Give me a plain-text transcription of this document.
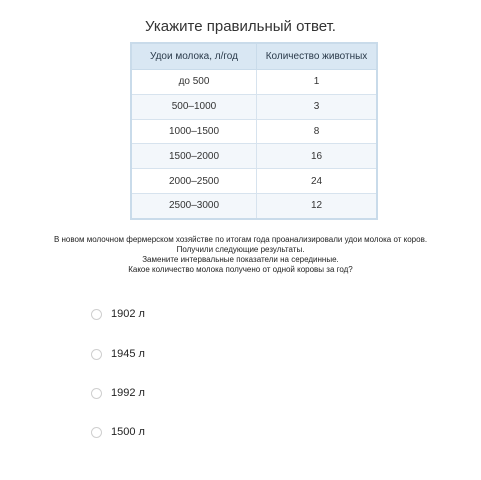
Укажите правильный ответ.
Удои молока, л/год	Количество животных
до 500	1
500–1000	3
1000–1500	8
1500–2000	16
2000–2500	24
2500–3000	12
В новом молочном фермерском хозяйстве по итогам года проанализировали удои молока от коров.
Получили следующие результаты.
Замените интервальные показатели на серединные.
Какое количество молока получено от одной коровы за год?
1902 л
1945 л
1992 л
1500 л
